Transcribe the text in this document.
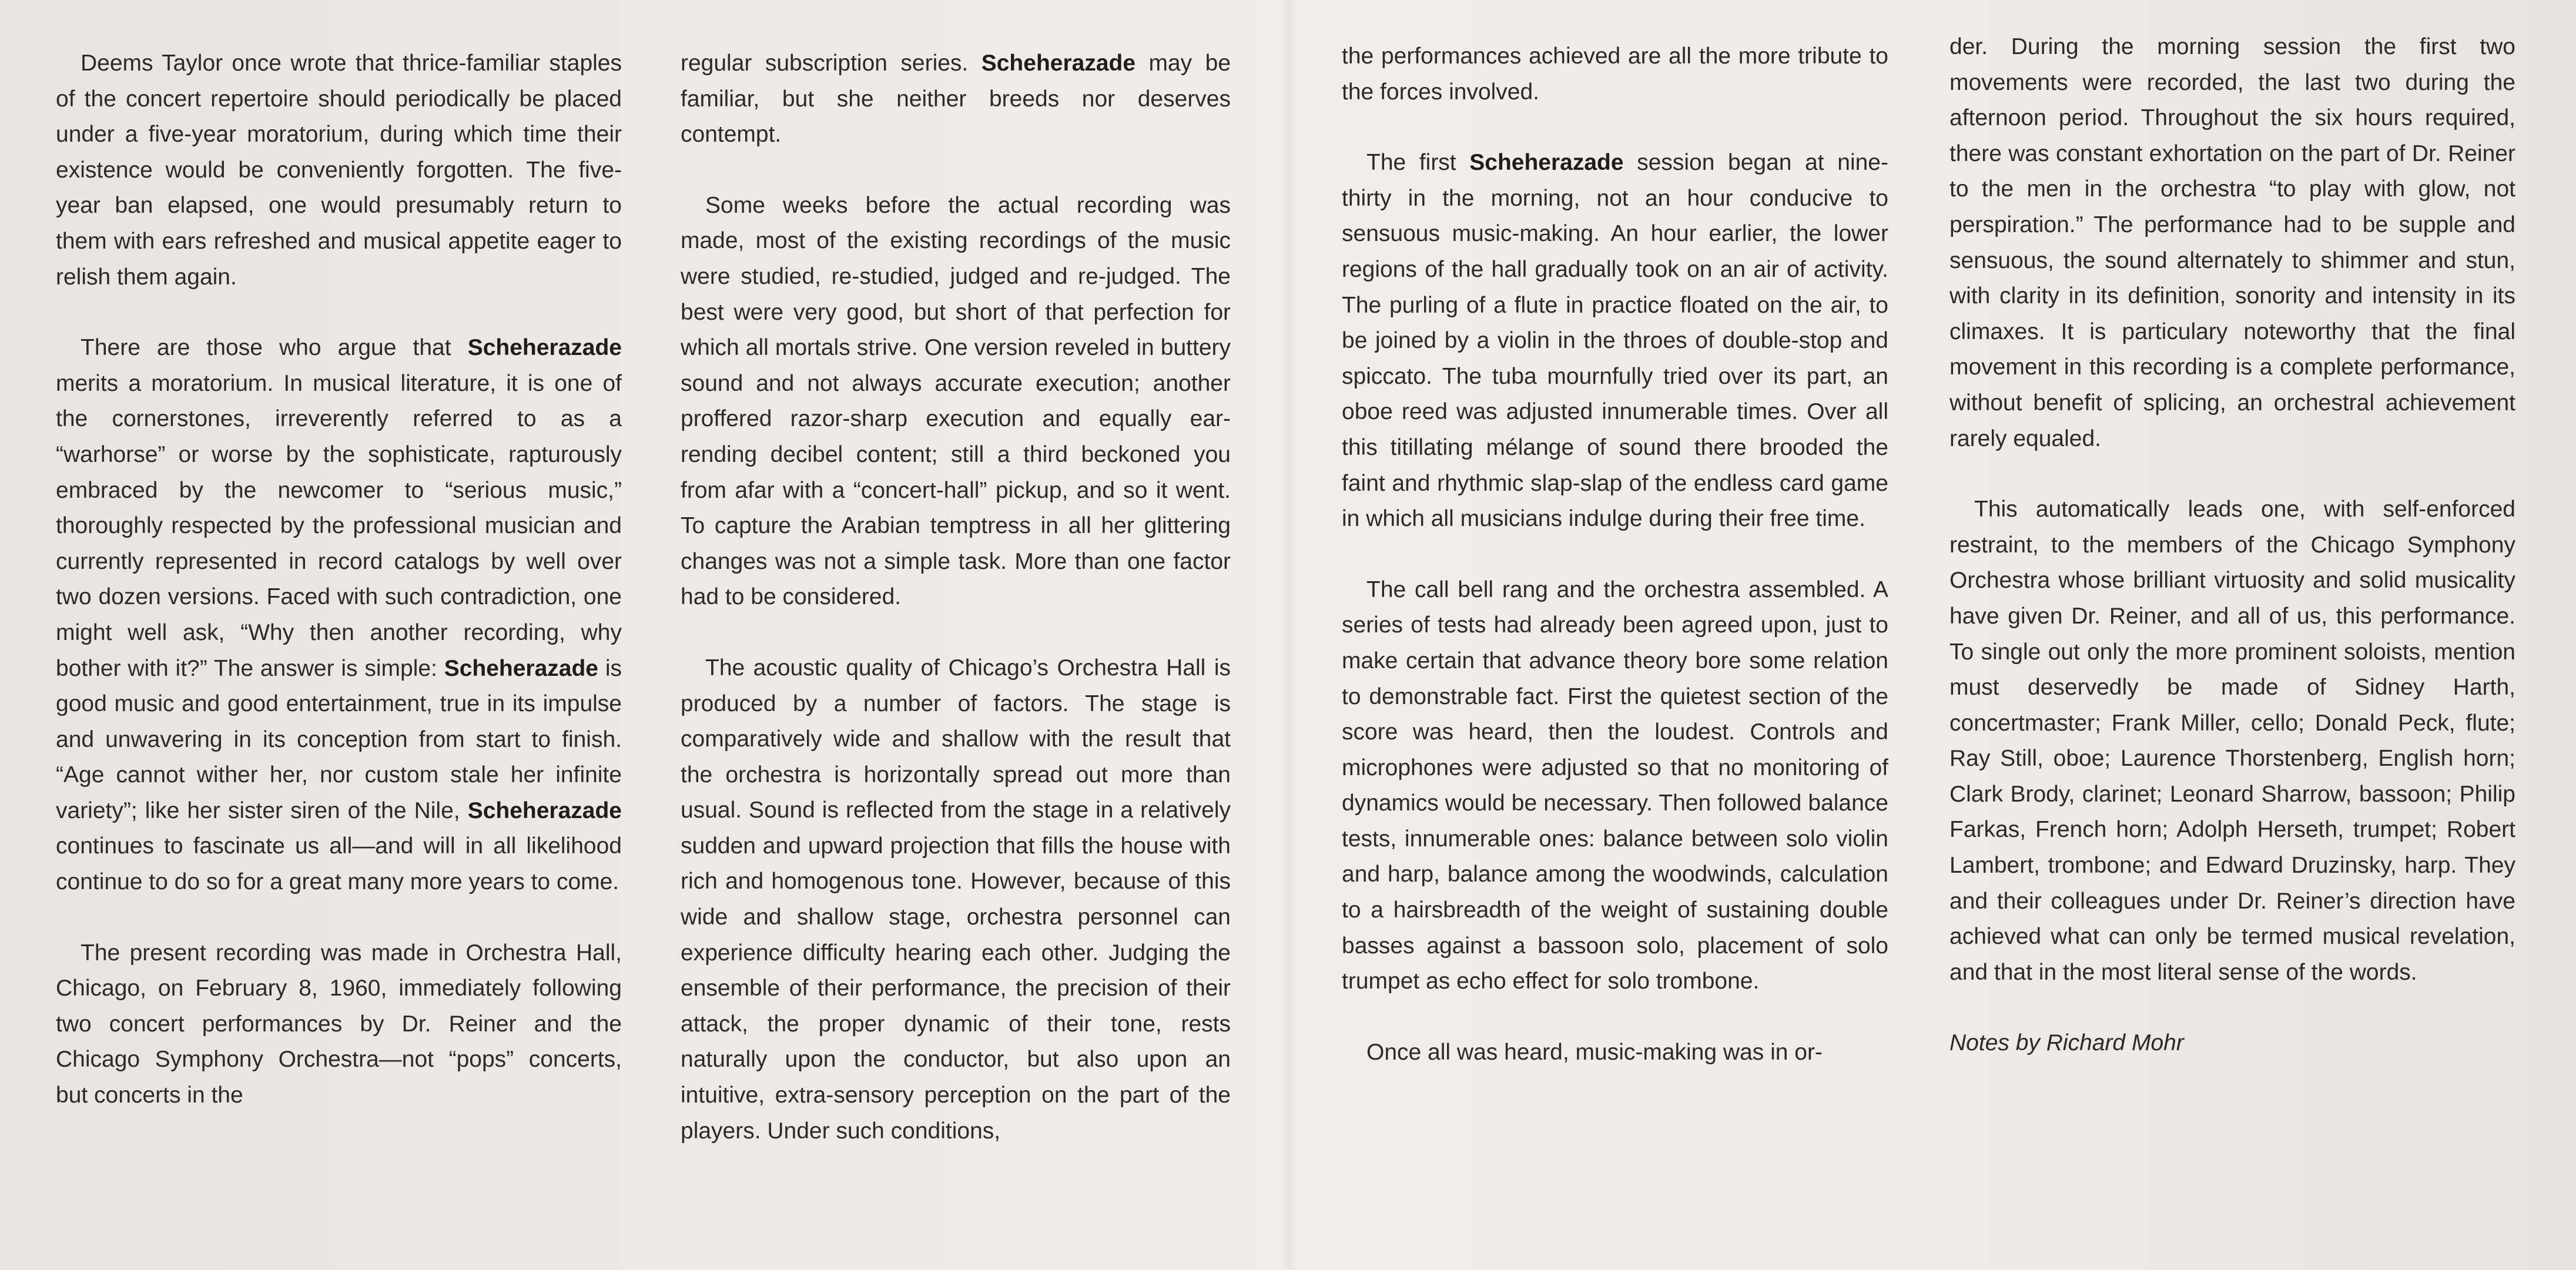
Deems Taylor once wrote that thrice-familiar staples of the concert repertoire should periodically be placed under a five-year moratorium, during which time their existence would be conveniently forgotten. The five-year ban elapsed, one would presumably return to them with ears refreshed and musical appetite eager to relish them again.

There are those who argue that Scheherazade merits a moratorium. In musical literature, it is one of the cornerstones, irreverently referred to as a “warhorse” or worse by the sophisticate, rapturously embraced by the newcomer to “serious music,” thoroughly respected by the professional musician and currently represented in record catalogs by well over two dozen versions. Faced with such contradiction, one might well ask, “Why then another recording, why bother with it?” The answer is simple: Scheherazade is good music and good entertainment, true in its impulse and unwavering in its conception from start to finish. “Age cannot wither her, nor custom stale her infinite variety”; like her sister siren of the Nile, Scheherazade continues to fascinate us all—and will in all likelihood continue to do so for a great many more years to come.

The present recording was made in Orchestra Hall, Chicago, on February 8, 1960, immediately following two concert performances by Dr. Reiner and the Chicago Symphony Orchestra—not “pops” concerts, but concerts in the

regular subscription series. Scheherazade may be familiar, but she neither breeds nor deserves contempt.

Some weeks before the actual recording was made, most of the existing recordings of the music were studied, re-studied, judged and re-judged. The best were very good, but short of that perfection for which all mortals strive. One version reveled in buttery sound and not always accurate execution; another proffered razor-sharp execution and equally ear-rending decibel content; still a third beckoned you from afar with a “concert-hall” pickup, and so it went. To capture the Arabian temptress in all her glittering changes was not a simple task. More than one factor had to be considered.

The acoustic quality of Chicago’s Orchestra Hall is produced by a number of factors. The stage is comparatively wide and shallow with the result that the orchestra is horizontally spread out more than usual. Sound is reflected from the stage in a relatively sudden and upward projection that fills the house with rich and homogenous tone. However, because of this wide and shallow stage, orchestra personnel can experience difficulty hearing each other. Judging the ensemble of their performance, the precision of their attack, the proper dynamic of their tone, rests naturally upon the conductor, but also upon an intuitive, extra-sensory perception on the part of the players. Under such conditions,

the performances achieved are all the more tribute to the forces involved.

The first Scheherazade session began at nine-thirty in the morning, not an hour conducive to sensuous music-making. An hour earlier, the lower regions of the hall gradually took on an air of activity. The purling of a flute in practice floated on the air, to be joined by a violin in the throes of double-stop and spiccato. The tuba mournfully tried over its part, an oboe reed was adjusted innumerable times. Over all this titillating mélange of sound there brooded the faint and rhythmic slap-slap of the endless card game in which all musicians indulge during their free time.

The call bell rang and the orchestra assembled. A series of tests had already been agreed upon, just to make certain that advance theory bore some relation to demonstrable fact. First the quietest section of the score was heard, then the loudest. Controls and microphones were adjusted so that no monitoring of dynamics would be necessary. Then followed balance tests, innumerable ones: balance between solo violin and harp, balance among the woodwinds, calculation to a hairsbreadth of the weight of sustaining double basses against a bassoon solo, placement of solo trumpet as echo effect for solo trombone.

Once all was heard, music-making was in or-

der. During the morning session the first two movements were recorded, the last two during the afternoon period. Throughout the six hours required, there was constant exhortation on the part of Dr. Reiner to the men in the orchestra “to play with glow, not perspiration.” The performance had to be supple and sensuous, the sound alternately to shimmer and stun, with clarity in its definition, sonority and intensity in its climaxes. It is particulary noteworthy that the final movement in this recording is a complete performance, without benefit of splicing, an orchestral achievement rarely equaled.

This automatically leads one, with self-enforced restraint, to the members of the Chicago Symphony Orchestra whose brilliant virtuosity and solid musicality have given Dr. Reiner, and all of us, this performance. To single out only the more prominent soloists, mention must deservedly be made of Sidney Harth, concertmaster; Frank Miller, cello; Donald Peck, flute; Ray Still, oboe; Laurence Thorstenberg, English horn; Clark Brody, clarinet; Leonard Sharrow, bassoon; Philip Farkas, French horn; Adolph Herseth, trumpet; Robert Lambert, trombone; and Edward Druzinsky, harp. They and their colleagues under Dr. Reiner’s direction have achieved what can only be termed musical revelation, and that in the most literal sense of the words.

Notes by Richard Mohr
